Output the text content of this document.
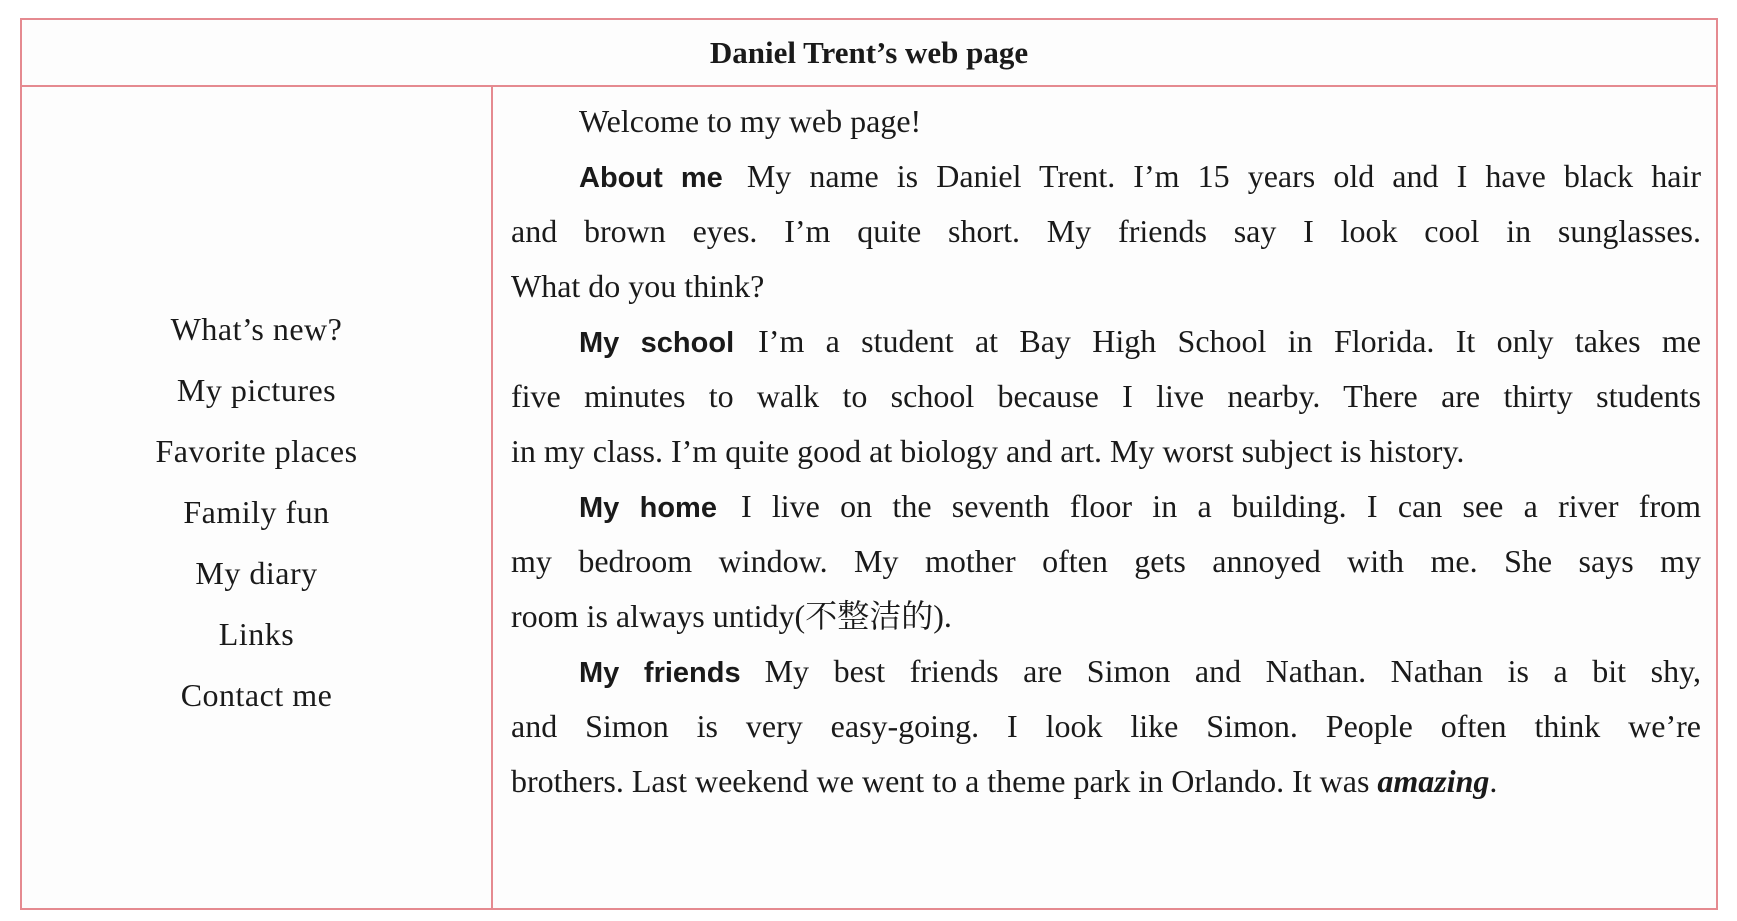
Daniel Trent’s web page
What’s new?
My pictures
Favorite places
Family fun
My diary
Links
Contact me
Welcome to my web page!
About me My name is Daniel Trent. I’m 15 years old and I have black hair
and brown eyes. I’m quite short. My friends say I look cool in sunglasses.
What do you think?
My school I’m a student at Bay High School in Florida. It only takes me
five minutes to walk to school because I live nearby. There are thirty students
in my class. I’m quite good at biology and art. My worst subject is history.
My home I live on the seventh floor in a building. I can see a river from
my bedroom window. My mother often gets annoyed with me. She says my
room is always untidy(不整洁的).
My friends My best friends are Simon and Nathan. Nathan is a bit shy,
and Simon is very easy-going. I look like Simon. People often think we’re
brothers. Last weekend we went to a theme park in Orlando. It was amazing.
